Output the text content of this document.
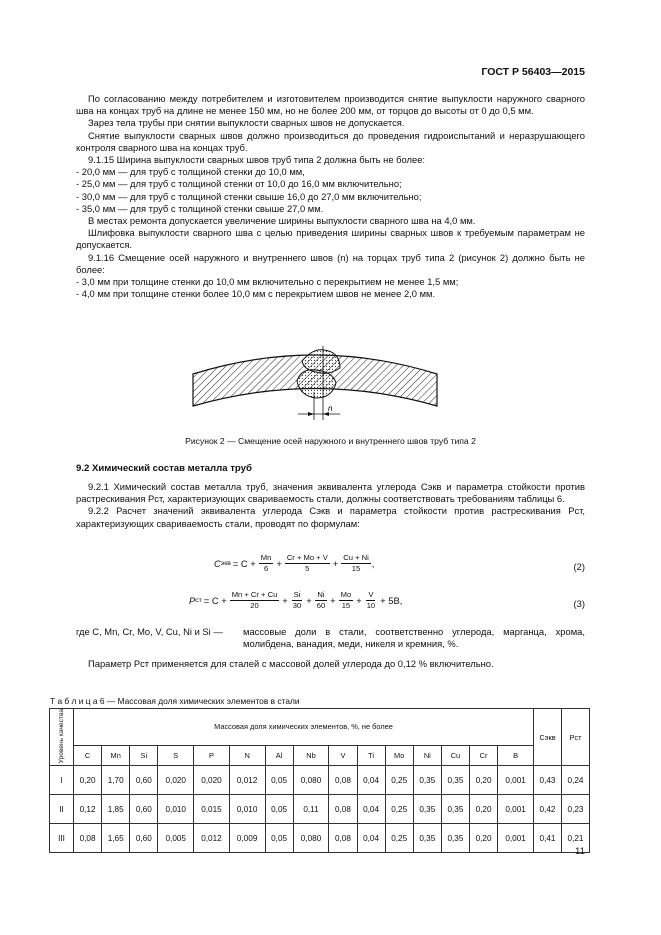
ГОСТ Р 56403—2015

По согласованию между потребителем и изготовителем производится снятие выпуклости наружного сварного шва на концах труб на длине не менее 150 мм, но не более 200 мм, от торцов до высоты от 0 до 0,5 мм.

Зарез тела трубы при снятии выпуклости сварных швов не допускается.

Снятие выпуклости сварных швов должно производиться до проведения гидроиспытаний и неразрушающего контроля сварного шва на концах труб.

9.1.15 Ширина выпуклости сварных швов труб типа 2 должна быть не более:

- 20,0 мм — для труб с толщиной стенки до 10,0 мм,

- 25,0 мм — для труб с толщиной стенки от 10,0 до 16,0 мм включительно;

- 30,0 мм — для труб с толщиной стенки свыше 16,0 до 27,0 мм включительно;

- 35,0 мм — для труб с толщиной стенки свыше 27,0 мм.

В местах ремонта допускается увеличение ширины выпуклости сварного шва на 4,0 мм.

Шлифовка выпуклости сварного шва с целью приведения ширины сварных швов к требуемым параметрам не допускается.

9.1.16 Смещение осей наружного и внутреннего швов (n) на торцах труб типа 2 (рисунок 2) должно быть не более:

- 3,0 мм при толщине стенки до 10,0 мм включительно с перекрытием не менее 1,5 мм;

- 4,0 мм при толщине стенки более 10,0 мм с перекрытием швов не менее 2,0 мм.

n
Рисунок 2 — Смещение осей наружного и внутреннего швов труб типа 2
9.2 Химический состав металла труб

9.2.1 Химический состав металла труб, значения эквивалента углерода Cэкв и параметра стойкости против растрескивания Pст, характеризующих свариваемость стали, должны соответствовать требованиям таблицы 6.

9.2.2 Расчет значений эквивалента углерода Cэкв и параметра стойкости против растрескивания Pст, характеризующих свариваемость стали, проводят по формулам:

C экв = $C + \frac{Mn}{6} + \frac{Cr + Mo + V}{5} + \frac{Cu + Ni}{15}$ ,	(2)
P ст = $C + \frac{Mn + Cr + Cu}{20} + \frac{Si}{30} + \frac{Ni}{60} + \frac{Mo}{15} + \frac{V}{10} + 5B$,	(3)
где C, Mn, Cr, Mo, V, Cu, Ni и Si — массовые доли в стали, соответственно углерода, марганца, хрома, молибдена, ванадия, меди, никеля и кремния, %.
Параметр Pст применяется для сталей с массовой долей углерода до 0,12 % включительно.
Т а б л и ц а 6 — Массовая доля химических элементов в стали
Уровень качества	Массовая доля химических элементов, %, не более															Cэкв	Pст
	C	Mn	Si	S	P	N	Al	Nb	V	Ti	Mo	Ni	Cu	Cr	B		
I	0,20	1,70	0,60	0,020	0,020	0,012	0,05	0,080	0,08	0,04	0,25	0,35	0,35	0,20	0,001	0,43	0,24
II	0,12	1,85	0,60	0,010	0,015	0,010	0,05	0,11	0,08	0,04	0,25	0,35	0,35	0,20	0,001	0,42	0,23
III	0,08	1,65	0,60	0,005	0,012	0,009	0,05	0,080	0,08	0,04	0,25	0,35	0,35	0,20	0,001	0,41	0,21
11
